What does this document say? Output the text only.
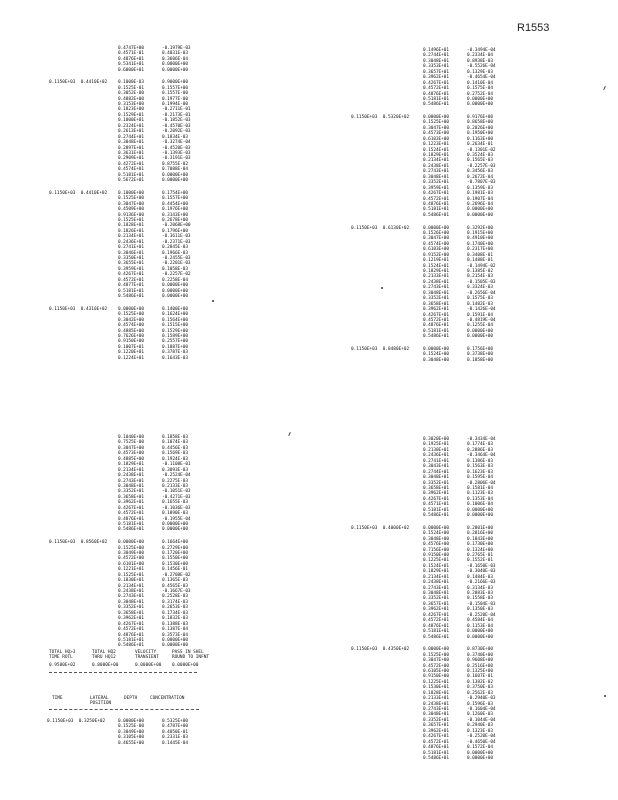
R1553
0.4747E+00	-0.1979E-03
0.4571E-01	0.4031E-03
0.4876E+01	0.3606E-04
0.5341E+01	0.0000E+00
0.6000E+01	0.0000E+00
0.1150E+03  0.4410E+02 0.1000E-03	0.9000E+00
0.1525E-01	0.1557E+00
0.3052E-00	0.1557E-00
0.4882E+00	0.1977E-00
0.3153E+00	0.1994E-00
0.1823E+00	-0.2711E-01
0.1529E+01	-0.2173E-01
0.1000E+01	-0.1852E-03
0.2324E+01	-0.4570E-03
0.2613E+01	-0.2092E-03
0.2744E+01	0.1834E-03
0.3048E+01	-0.3274E-04
0.2897E+01	-0.4520E-03
0.3631E+01	-0.1393E-03
0.2909E+01	-0.3191E-03
0.4272E+01	0.8755E-02
0.4574E+01	0.7088E-04
0.5181E+01	0.0000E+00
0.5672E+01	0.0000E+00
0.1150E+03  0.4410E+02 0.1000E+00	0.1754E+00
0.1525E+00	0.1557E+00
0.3047E+00	0.4454E+00
0.4509E+00	0.1976E+00
0.9136E+00	0.3143E+00
0.1525E+01	0.2678E+00
0.1828E+01	-0.2068E+00
0.1826E+01	0.1796E+00
0.2134E+01	-0.3611E-03
0.2436E+01	-0.2371E-03
0.2741E+01	0.2845E-03
0.3046E+01	0.1966E-03
0.3350E+01	-0.2455E-03
0.3655E+01	-0.2201E-03
0.3959E+01	0.1058E-03
0.4267E+01	-0.2257E-02
0.4572E+01	0.2258E-04
0.4877E+01	0.0000E+00
0.5181E+01	0.0000E+00
0.5486E+01	0.0000E+00
0.1150E+03  0.4310E+02 0.0000E+00	0.1400E+00
0.1525E+00	0.1624E+00
0.3042E+00	0.1564E+00
0.4574E+00	0.1515E+00
0.4885E+00	0.1529E+00
0.7626E+00	0.1589E+00
0.9150E+00	0.2557E+00
0.1007E+01	0.1887E+00
0.1220E+01	0.3787E-03
0.1224E+01	0.1643E-03
0.1496E+01	-0.3494E-04
0.2744E+01	0.2334E-04
0.3048E+01	0.8938E-03
0.3353E+01	-0.5526E-04
0.3657E+01	0.1329E-03
0.3962E+01	-0.4654E-04
0.4267E+01	0.1410E-04
0.4572E+01	0.1575E-04
0.4876E+01	0.2752E-04
0.5181E+01	0.0000E+00
0.5486E+01	0.0000E+00
0.1150E+03  0.5320E+02	0.0000E+00	0.9176E+00
0.1525E+00	0.8658E+00
0.3047E+00	0.2026E+00
0.4573E+00	0.1950E+00
0.6103E+00	0.1163E+00
0.1223E+01	0.2634E-01
0.1524E+01	-0.1301E-02
0.1829E+01	0.3524E-03
0.2134E+01	0.1565E-03
0.2438E+01	-0.2257E-03
0.2743E+01	0.3456E-03
0.3048E+01	0.2672E-04
0.3352E+01	-0.7807E-03
0.3959E+01	0.1359E-03
0.4267E+01	0.1981E-03
0.4572E+01	0.1907E-04
0.4876E+01	0.2696E-04
0.5181E+01	0.0000E+00
0.5486E+01	0.0000E+00
0.1150E+03  0.6130E+02	0.0000E+00	0.3292E+00
0.1526E+00	0.1915E+00
0.3047E+00	0.4910E+00
0.4574E+00	0.1740E+00
0.6103E+00	0.2317E+00
0.9152E+00	0.3408E-01
0.1219E+01	0.1488E-01
0.1524E+01	-0.1494E-02
0.1829E+01	0.1385E-02
0.2133E+01	0.2154E-03
0.2438E+01	-0.1505E-03
0.2743E+01	0.3324E-03
0.3048E+01	-0.2656E-04
0.3352E+01	0.1575E-03
0.3658E+01	0.1482E-03
0.3962E+01	-0.1426E-04
0.4267E+01	0.1591E-04
0.4572E+01	-0.4819E-04
0.4876E+01	0.1255E-04
0.5181E+01	0.0000E+00
0.5486E+01	0.0000E+00
0.1150E+03  0.8480E+02	0.0000E+00	0.1756E+00
0.1524E+00	0.3738E+00
0.3048E+00	0.1858E+00
0.1040E+00	0.1858E-03
0.7525E-00	0.1874E-03
0.3047E+00	0.4456E-03
0.4573E+00	0.1569E-03
0.4885E+00	0.1924E-03
0.1829E+01	-0.1108E-01
0.2134E+01	0.3093E-03
0.2438E+01	-0.2524E-04
0.2743E+01	0.2275E-03
0.3048E+01	0.2133E-03
0.3352E+01	-0.1051E-03
0.3658E+01	-0.4271E-03
0.3962E+01	0.1655E-03
0.4267E+01	-0.1036E-03
0.4572E+01	0.1890E-03
0.4876E+01	-0.1955E-04
0.5181E+01	0.0000E+00
0.5486E+01	0.0000E+00
0.1150E+03  0.8560E+02 0.0000E+00	0.1664E+00
0.1525E+00	0.2729E+00
0.3049E+00	0.1720E+00
0.4572E+00	0.1550E+00
0.6101E+00	0.1530E+00
0.1221E+01	0.1456E-01
0.1525E+01	-0.2708E-02
0.1830E+01	0.1365E-03
0.2134E+01	0.4565E-03
0.2438E+01	-0.1667E-03
0.2743E+01	0.2528E-03
0.3048E+01	0.3174E-03
0.3352E+01	0.2653E-03
0.3658E+01	0.1734E-03
0.3962E+01	0.1832E-03
0.4267E+01	0.1388E-03
0.4572E+01	0.1387E-04
0.4876E+01	0.3573E-04
0.5181E+01	0.0000E+00
0.5486E+01	0.0000E+00
TOTAL HQ>3	TOTAL HQ2	VELOCITY	PASS IN SHEL
TIME ROTL	THRU HQ12	TRANSIENT	ROUND TO INFNT
0.9500E+02	0.8000E+00	0.0000E+00 0.0000E+00
TIME	LATERAL	DEPTH	CONCENTRATION
POSITION
0.1150E+03  0.3250E+02	0.0000E+00	0.5325E+00
0.1525E-00	0.4787E+00
0.3049E+00	0.4050E-01
0.3105E+00	0.2331E-03
0.4655E+00	0.1445E-04
0.3020E+00	-0.3434E-04
0.1925E+01	0.1774E-03
0.2130E+01	0.2886E-03
0.2436E+01	-0.3464E-04
0.2741E+01	0.1386E-03
0.3043E+01	0.1563E-03
0.2744E+01	0.1623E-03
0.3048E+01	0.1595E-04
0.3352E+01	-0.2806E-04
0.3658E+01	0.1581E-04
0.3962E+01	0.1123E-03
0.4267E+01	0.1353E-04
0.4571E+01	0.1006E-04
0.5181E+01	0.0000E+00
0.5486E+01	0.0000E+00
0.1150E+03  0.4000E+02	0.0000E+00	0.2801E+00
0.1524E+00	0.2816E+00
0.3048E+00	0.1843E+00
0.4576E+00	0.1730E+00
0.7156E+00	0.1324E+00
0.9150E+00	0.2765E-01
0.1225E+01	0.1552E-01
0.1524E+01	-0.1650E-03
0.1829E+01	-0.3040E-03
0.2134E+01	0.1484E-03
0.2438E+01	-0.2166E-03
0.2743E+01	0.3134E-03
0.3048E+01	0.2883E-03
0.3352E+01	0.1558E-03
0.3657E+01	-0.1504E-03
0.3962E+01	0.1350E-03
0.4267E+01	-0.2520E-04
0.4572E+01	0.4584E-04
0.4876E+01	0.1153E-04
0.5181E+01	0.0000E+00
0.5486E+01	0.0000E+00
0.1150E+03  0.4350E+02	0.0000E+00	0.8730E+00
0.1525E+00	0.3740E+00
0.3047E+00	0.9608E+00
0.4572E+00	0.2516E+00
0.6105E+00	0.1325E+00
0.9150E+00	0.1607E-01
0.1225E+01	0.1382E-02
0.1530E+01	0.3750E-03
0.1828E+01	0.2562E-03
0.2133E+01	-0.2940E-03
0.2438E+01	0.1596E-03
0.2743E+01	-0.1604E-04
0.3048E+01	0.1260E-03
0.3352E+01	-0.1044E-04
0.3657E+01	0.2940E-03
0.3962E+01	0.1323E-03
0.4267E+01	-0.2520E-04
0.4572E+01	-0.4650E-04
0.4876E+01	0.1572E-04
0.5181E+01	0.0000E+00
0.5486E+01	0.0000E+00
